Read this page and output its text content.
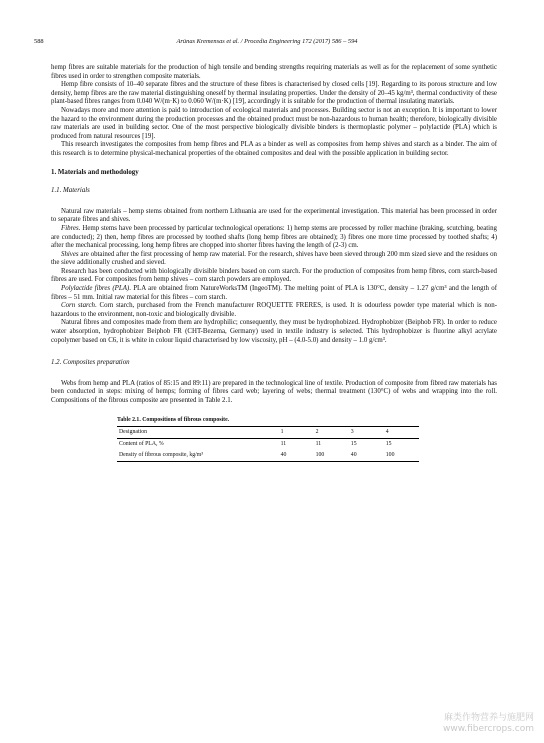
588	Arūnas Kremensas et al. / Procedia Engineering 172 (2017) 586 – 594

hemp fibres are suitable materials for the production of high tensile and bending strengths requiring materials as well as for the replacement of some synthetic fibres used in order to strengthen composite materials.

Hemp fibre consists of 10–40 separate fibres and the structure of these fibres is characterised by closed cells [19]. Regarding to its porous structure and low density, hemp fibres are the raw material distinguishing oneself by thermal insulating properties. Under the density of 20–45 kg/m³, thermal conductivity of these plant-based fibres ranges from 0.040 W/(m·K) to 0.060 W/(m·K) [19], accordingly it is suitable for the production of thermal insulating materials.

Nowadays more and more attention is paid to introduction of ecological materials and processes. Building sector is not an exception. It is important to lower the hazard to the environment during the production processes and the obtained product must be non-hazardous to human health; therefore, biologically divisible raw materials are used in building sector. One of the most perspective biologically divisible binders is thermoplastic polymer – polylactide (PLA) which is produced from natural resources [19].

This research investigates the composites from hemp fibres and PLA as a binder as well as composites from hemp shives and starch as a binder. The aim of this research is to determine physical-mechanical properties of the obtained composites and deal with the possible application in building sector.

1. Materials and methodology

1.1. Materials

Natural raw materials – hemp stems obtained from northern Lithuania are used for the experimental investigation. This material has been processed in order to separate fibres and shives.

Fibres. Hemp stems have been processed by particular technological operations: 1) hemp stems are processed by roller machine (braking, scutching, beating are conducted); 2) then, hemp fibres are processed by toothed shafts (long hemp fibres are obtained); 3) fibres one more time processed by toothed shafts; 4) after the mechanical processing, long hemp fibres are chopped into shorter fibres having the length of (2-3) cm.

Shives are obtained after the first processing of hemp raw material. For the research, shives have been sieved through 200 mm sized sieve and the residues on the sieve additionally crushed and sieved.

Research has been conducted with biologically divisible binders based on corn starch. For the production of composites from hemp fibres, corn starch-based fibres are used. For composites from hemp shives – corn starch powders are employed.

Polylactide fibres (PLA). PLA are obtained from NatureWorksTM (IngeoTM). The melting point of PLA is 130°C, density – 1.27 g/cm³ and the length of fibres – 51 mm. Initial raw material for this fibres – corn starch.

Corn starch. Corn starch, purchased from the French manufacturer ROQUETTE FRERES, is used. It is odourless powder type material which is non-hazardous to the environment, non-toxic and biologically divisible.

Natural fibres and composites made from them are hydrophilic; consequently, they must be hydrophobized. Hydrophobizer (Beiphob FR). In order to reduce water absorption, hydrophobizer Beiphob FR (CHT-Bezema, Germany) used in textile industry is selected. This hydrophobizer is fluorine alkyl acrylate copolymer based on C6, it is white in colour liquid characterised by low viscosity, pH – (4.0-5.0) and density – 1.0 g/cm³.

1.2. Composites preparation

Webs from hemp and PLA (ratios of 85:15 and 89:11) are prepared in the technological line of textile. Production of composite from fibred raw materials has been conducted in steps: mixing of hemps; forming of fibres card web; layering of webs; thermal treatment (130°C) of webs and wrapping into the roll. Compositions of the fibrous composite are presented in Table 2.1.

Table 2.1. Compositions of fibrous composite.
Designation	1	2	3	4
Content of PLA, %	11	11	15	15
Density of fibrous composite, kg/m³	40	100	40	100
麻类作物营养与施肥网
www.fibercrops.com
